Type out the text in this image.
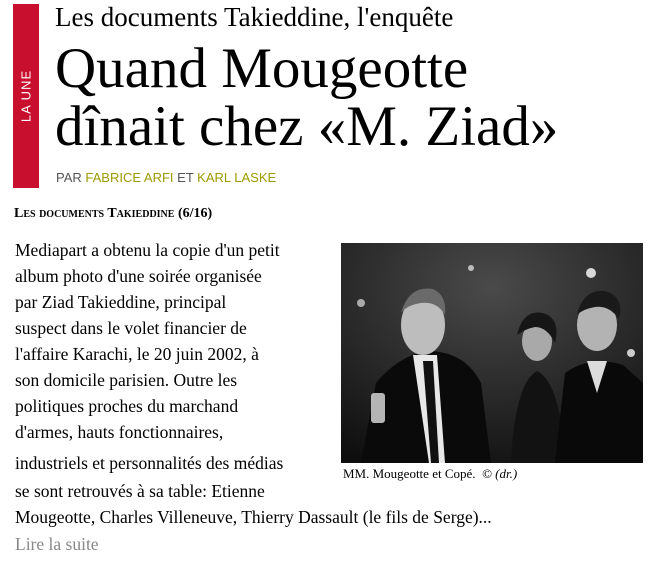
LA UNE
Les documents Takieddine, l'enquête
Quand Mougeotte
dînait chez «M. Ziad»
PAR FABRICE ARFI ET KARL LASKE
Les documents Takieddine (6/16)
MM. Mougeotte et Copé. © (dr.)
Mediapart a obtenu la copie d'un petit
album photo d'une soirée organisée
par Ziad Takieddine, principal
suspect dans le volet financier de
l'affaire Karachi, le 20 juin 2002, à
son domicile parisien. Outre les
politiques proches du marchand
d'armes, hauts fonctionnaires,
industriels et personnalités des médias
se sont retrouvés à sa table: Etienne
Mougeotte, Charles Villeneuve, Thierry Dassault (le fils de Serge)...
Lire la suite
